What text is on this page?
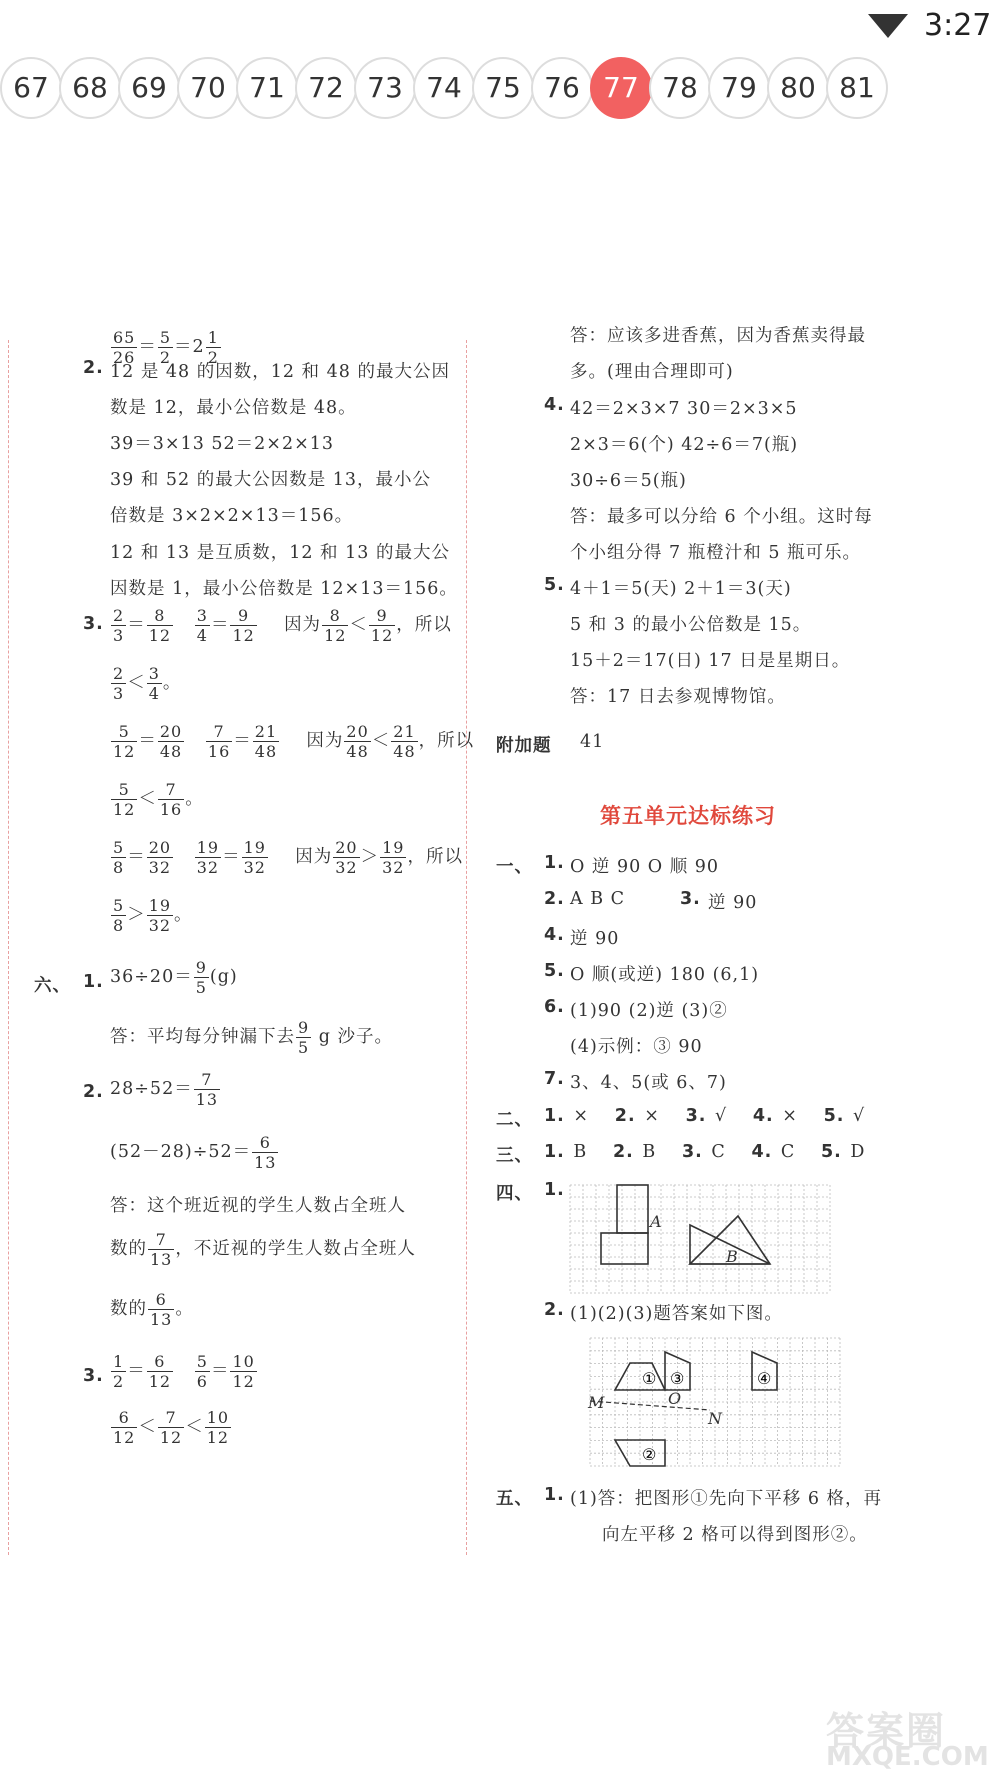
3:27
67 68 69 70 71 72 73 74 75 76 77 78 79 80 81
$\frac{65}{26} = \frac{5}{2} =2 \frac{1}{2}$
2. 12 是 48 的因数，12 和 48 的最大公因
数是 12，最小公倍数是 48。
39＝3×13 52＝2×2×13
39 和 52 的最大公因数是 13，最小公
倍数是 3×2×2×13＝156。
12 和 13 是互质数，12 和 13 的最大公
因数是 1，最小公倍数是 12×13＝156。
3. $\frac{2}{3} = \frac{8}{12}$
$\frac{3}{4} = \frac{9}{12}$ 因为 $\frac{8}{12} < \frac{9}{12}$ ，所以
$\frac{2}{3} < \frac{3}{4}$ 。
$\frac{5}{12} = \frac{20}{48}$
$\frac{7}{16} = \frac{21}{48}$ 因为 $\frac{20}{48} < \frac{21}{48}$ ，所以
$\frac{5}{12} < \frac{7}{16}$ 。
$\frac{5}{8} = \frac{20}{32}$
$\frac{19}{32} = \frac{19}{32}$ 因为 $\frac{20}{32} > \frac{19}{32}$ ，所以
$\frac{5}{8} > \frac{19}{32}$ 。
六、 1. $36\div 20= \frac{9}{5} (g)$
答：平均每分钟漏下去 $\frac{9}{5}$ g 沙子。
2. $28\div 52= \frac{7}{13}$
$(52-28)\div 52= \frac{6}{13}$
答：这个班近视的学生人数占全班人
数的 $\frac{7}{13}$ ，不近视的学生人数占全班人
数的 $\frac{6}{13}$ 。
3. $\frac{1}{2} = \frac{6}{12}$
$\frac{5}{6} = \frac{10}{12}$
$\frac{6}{12} < \frac{7}{12} < \frac{10}{12}$
答：应该多进香蕉，因为香蕉卖得最
多。(理由合理即可)
4. 42＝2×3×7 30＝2×3×5
2×3＝6(个) 42÷6＝7(瓶)
30÷6＝5(瓶)
答：最多可以分给 6 个小组。这时每
个小组分得 7 瓶橙汁和 5 瓶可乐。
5. 4＋1＝5(天) 2＋1＝3(天)
5 和 3 的最小公倍数是 15。
15＋2＝17(日) 17 日是星期日。
答：17 日去参观博物馆。
附加题 41
第五单元达标练习
一、 1. O 逆 90 O 顺 90
2. A B C	3. 逆 90
4. 逆 90
5. O 顺(或逆) 180 (6,1)
6. (1)90 (2)逆 (3)②
(4)示例：③ 90
7. 3、4、5(或 6、7)
二、 1. × 2. × 3. √ 4. × 5. √
三、 1. B 2. B 3. C 4. C 5. D
四、 1.
A
B
2. (1)(2)(3)题答案如下图。
M
N
O
①
②
③	④
五、 1. (1)答：把图形①先向下平移 6 格，再
向左平移 2 格可以得到图形②。
答案圈
MXQE.COM
